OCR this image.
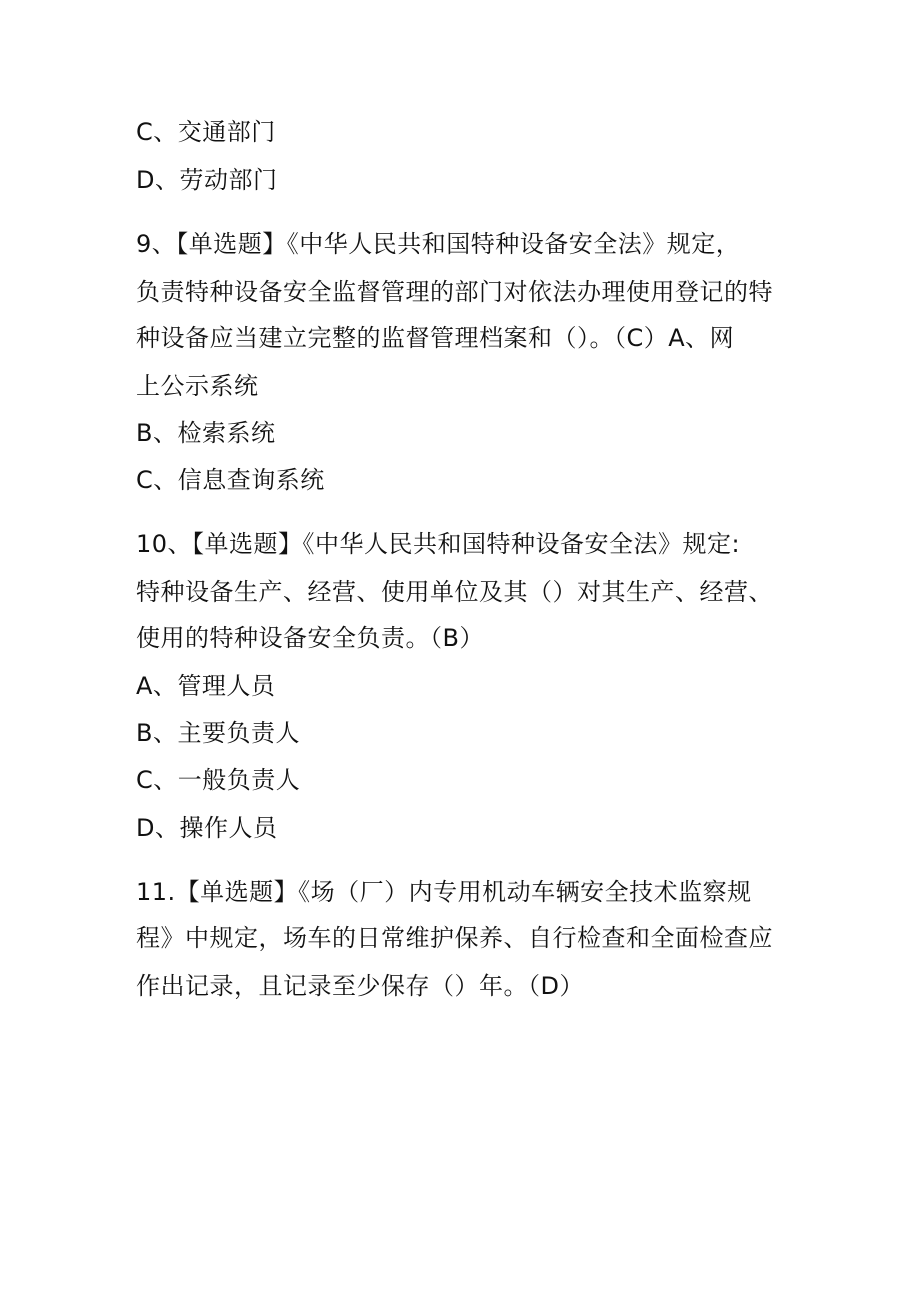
C、交通部门
D、劳动部门
9、【单选题】《中华人民共和国特种设备安全法》规定，
负责特种设备安全监督管理的部门对依法办理使用登记的特
种设备应当建立完整的监督管理档案和（）。（C）A、网
上公示系统
B、检索系统
C、信息查询系统
10、【单选题】《中华人民共和国特种设备安全法》规定:
特种设备生产、经营、使用单位及其（）对其生产、经营、
使用的特种设备安全负责。（B）
A、管理人员
B、主要负责人
C、一般负责人
D、操作人员
11.【单选题】《场（厂）内专用机动车辆安全技术监察规
程》中规定，场车的日常维护保养、自行检查和全面检查应
作出记录，且记录至少保存（）年。（D）
